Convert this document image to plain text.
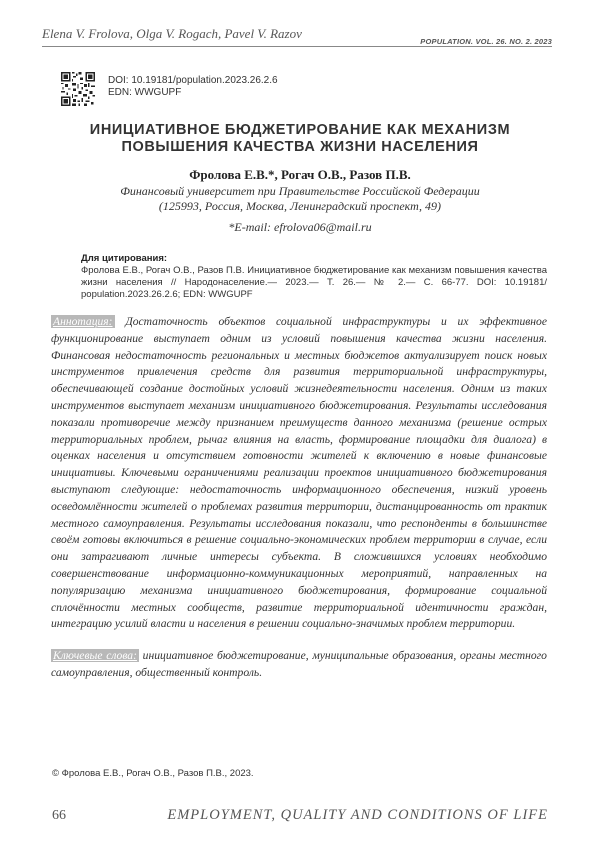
Elena V. Frolova, Olga V. Rogach, Pavel V. Razov
POPULATION. VOL. 26. NO. 2. 2023
DOI: 10.19181/population.2023.26.2.6
EDN: WWGUPF
ИНИЦИАТИВНОЕ БЮДЖЕТИРОВАНИЕ КАК МЕХАНИЗМ
ПОВЫШЕНИЯ КАЧЕСТВА ЖИЗНИ НАСЕЛЕНИЯ
Фролова Е.В.*, Рогач О.В., Разов П.В.
Финансовый университет при Правительстве Российской Федерации
(125993, Россия, Москва, Ленинградский проспект, 49)
*E-mail: efrolova06@mail.ru
Для цитирования:
Фролова Е.В., Рогач О.В., Разов П.В. Инициативное бюджетирование как механизм повышения качества жизни населения // Народонаселение.— 2023.— Т. 26.— № 2.— С. 66-77. DOI: 10.19181/ population.2023.26.2.6; EDN: WWGUPF
Аннотация: Достаточность объектов социальной инфраструктуры и их эффективное функционирование выступает одним из условий повышения качества жизни населения. Финансовая недостаточность региональных и местных бюджетов актуализирует поиск новых инструментов привлечения средств для развития территориальной инфраструктуры, обеспечивающей создание достойных условий жизнедеятельности населения. Одним из таких инструментов выступает механизм инициативного бюджетирования. Результаты исследования показали противоречие между признанием преимуществ данного механизма (решение острых территориальных проблем, рычаг влияния на власть, формирование площадки для диалога) в оценках населения и отсутствием готовности жителей к включению в новые финансовые инициативы. Ключевыми ограничениями реализации проектов инициативного бюджетирования выступают следующие: недостаточность информационного обеспечения, низкий уровень осведомлённости жителей о проблемах развития территории, дистанцированность от практик местного самоуправления. Результаты исследования показали, что респонденты в большинстве своём готовы включиться в решение социально-экономических проблем территории в случае, если они затрагивают личные интересы субъекта. В сложившихся условиях необходимо совершенствование информационно-коммуникационных мероприятий, направленных на популяризацию механизма инициативного бюджетирования, формирование социальной сплочённости местных сообществ, развитие территориальной идентичности граждан, интеграцию усилий власти и населения в решении социально-значимых проблем территории.
Ключевые слова: инициативное бюджетирование, муниципальные образования, органы местного самоуправления, общественный контроль.
© Фролова Е.В., Рогач О.В., Разов П.В., 2023.
66	EMPLOYMENT, QUALITY AND CONDITIONS OF LIFE
